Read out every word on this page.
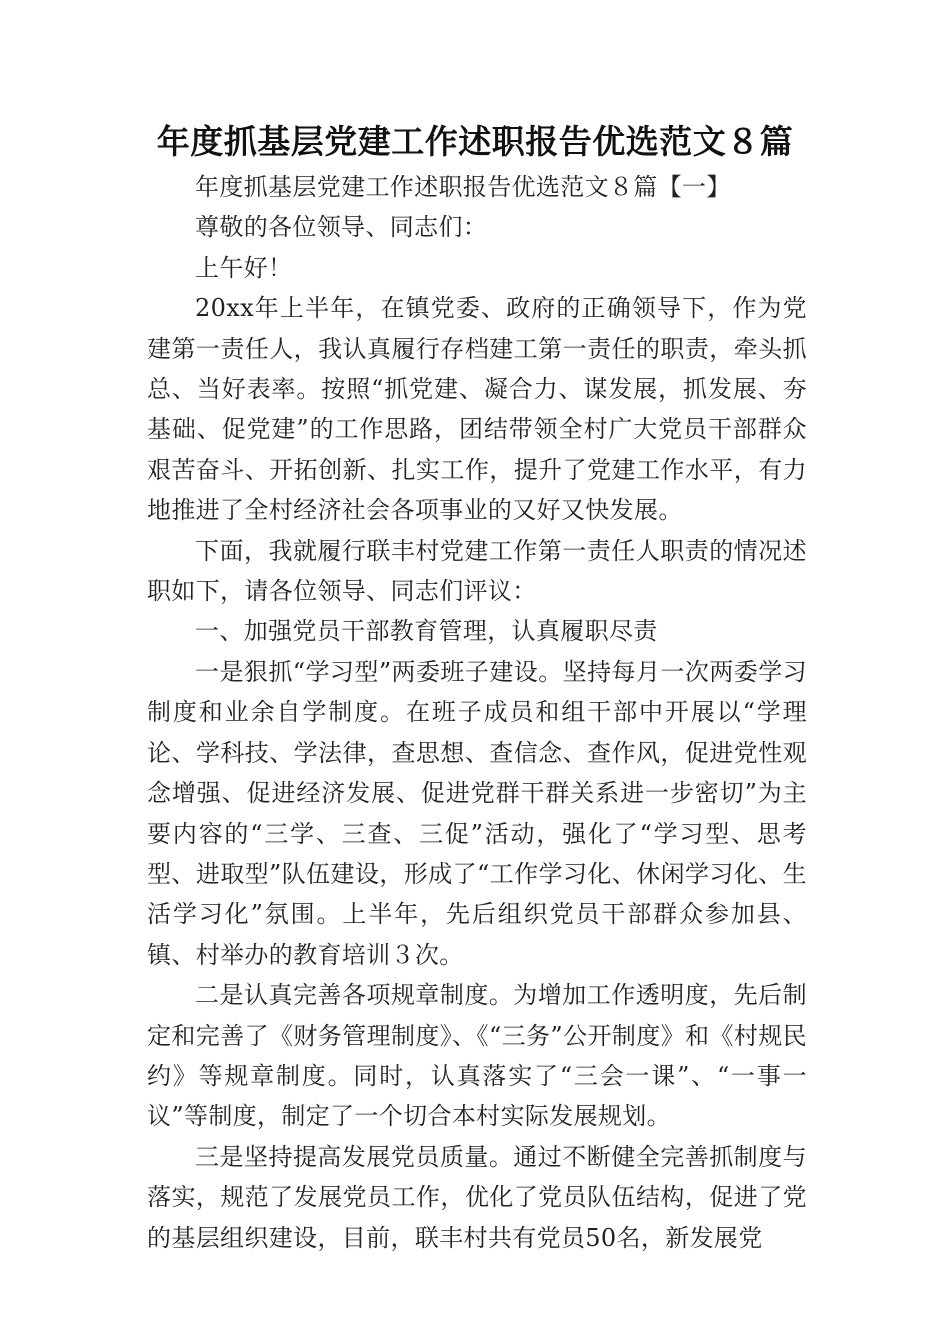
年度抓基层党建工作述职报告优选范文８篇

年度抓基层党建工作述职报告优选范文８篇【一】

尊敬的各位领导、同志们：

上午好！

20xx年上半年，在镇党委、政府的正确领导下，作为党建第一责任人，我认真履行存档建工第一责任的职责，牵头抓总、当好表率。按照“抓党建、凝合力、谋发展，抓发展、夯基础、促党建”的工作思路，团结带领全村广大党员干部群众艰苦奋斗、开拓创新、扎实工作，提升了党建工作水平，有力地推进了全村经济社会各项事业的又好又快发展。

下面，我就履行联丰村党建工作第一责任人职责的情况述职如下，请各位领导、同志们评议：

一、加强党员干部教育管理，认真履职尽责

一是狠抓“学习型”两委班子建设。坚持每月一次两委学习制度和业余自学制度。在班子成员和组干部中开展以“学理论、学科技、学法律，查思想、查信念、查作风，促进党性观念增强、促进经济发展、促进党群干群关系进一步密切”为主要内容的“三学、三查、三促”活动，强化了“学习型、思考型、进取型”队伍建设，形成了“工作学习化、休闲学习化、生活学习化”氛围。上半年，先后组织党员干部群众参加县、镇、村举办的教育培训３次。

二是认真完善各项规章制度。为增加工作透明度，先后制定和完善了《财务管理制度》、《“三务”公开制度》和《村规民约》等规章制度。同时，认真落实了“三会一课”、“一事一议”等制度，制定了一个切合本村实际发展规划。

三是坚持提高发展党员质量。通过不断健全完善抓制度与落实，规范了发展党员工作，优化了党员队伍结构，促进了党的基层组织建设，目前，联丰村共有党员50名，新发展党
